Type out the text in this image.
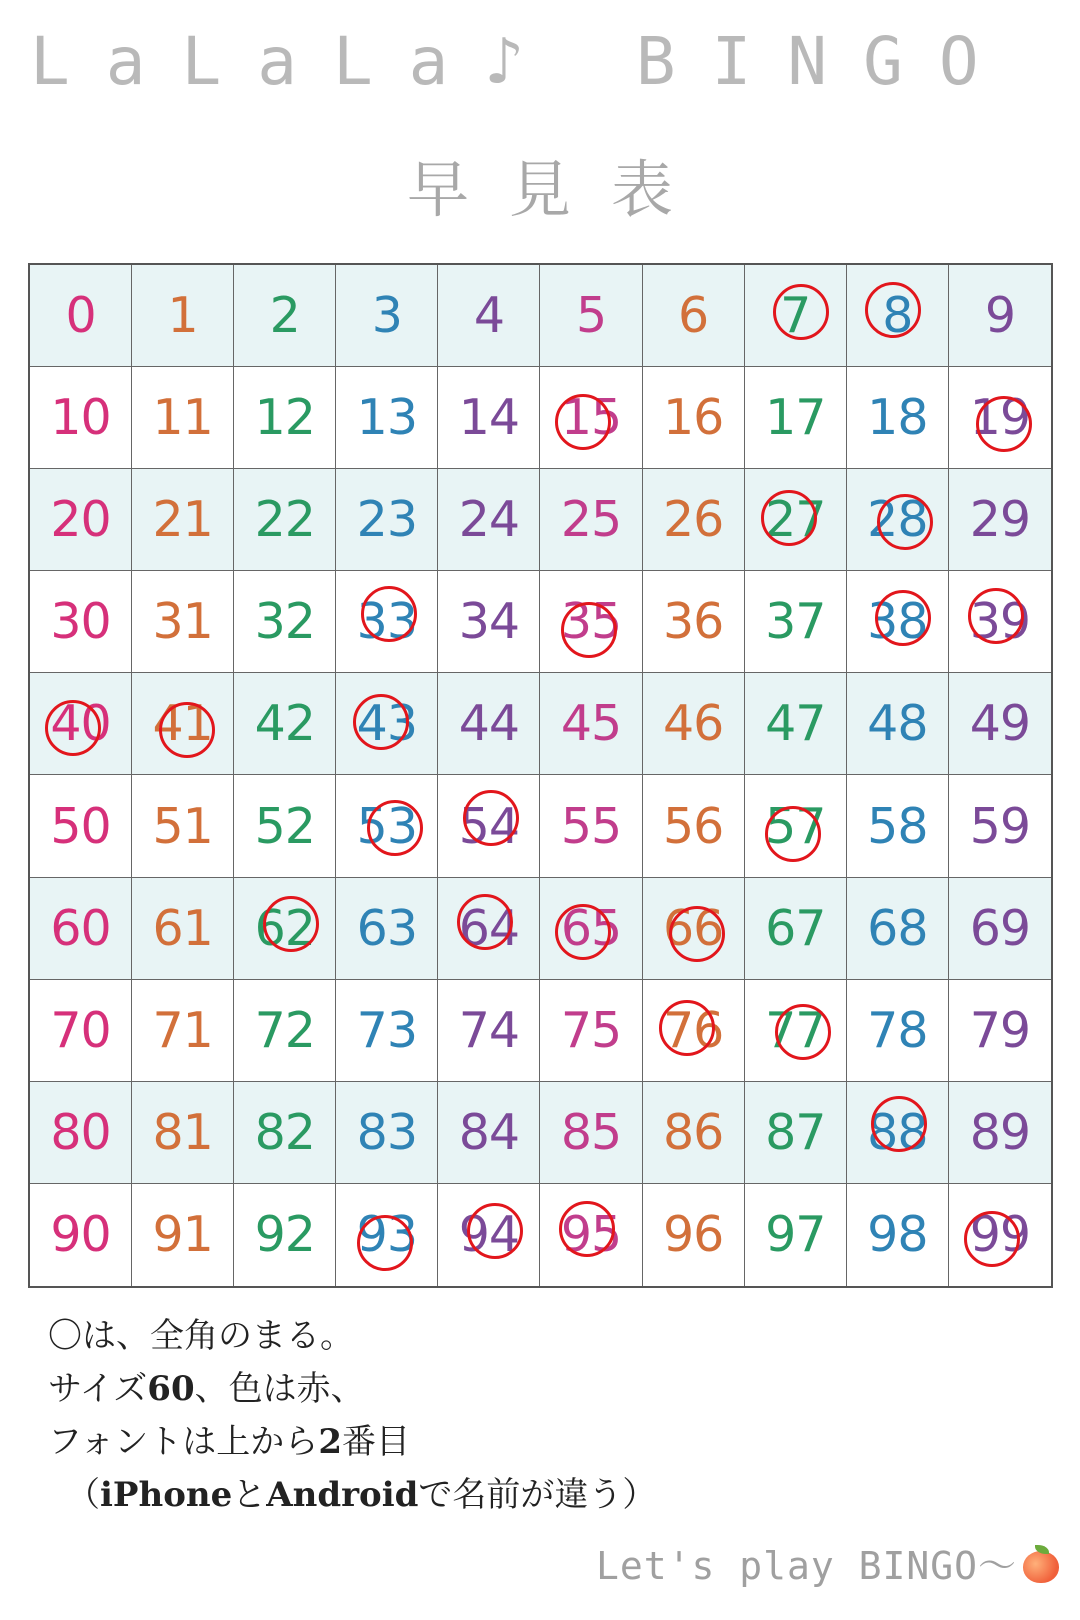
LaLaLa♪ BINGO
早見表
0 1 2 3 4 5 6 7 8 9
10 11 12 13 14 15 16 17 18 19
20 21 22 23 24 25 26 27 28 29
30 31 32 33 34 35 36 37 38 39
40 41 42 43 44 45 46 47 48 49
50 51 52 53 54 55 56 57 58 59
60 61 62 63 64 65 66 67 68 69
70 71 72 73 74 75 76 77 78 79
80 81 82 83 84 85 86 87 88 89
90 91 92 93 94 95 96 97 98 99
〇は、全角のまる。
サイズ60、色は赤、
フォントは上から2番目
（iPhoneとAndroidで名前が違う）
Let's play BINGO〜
